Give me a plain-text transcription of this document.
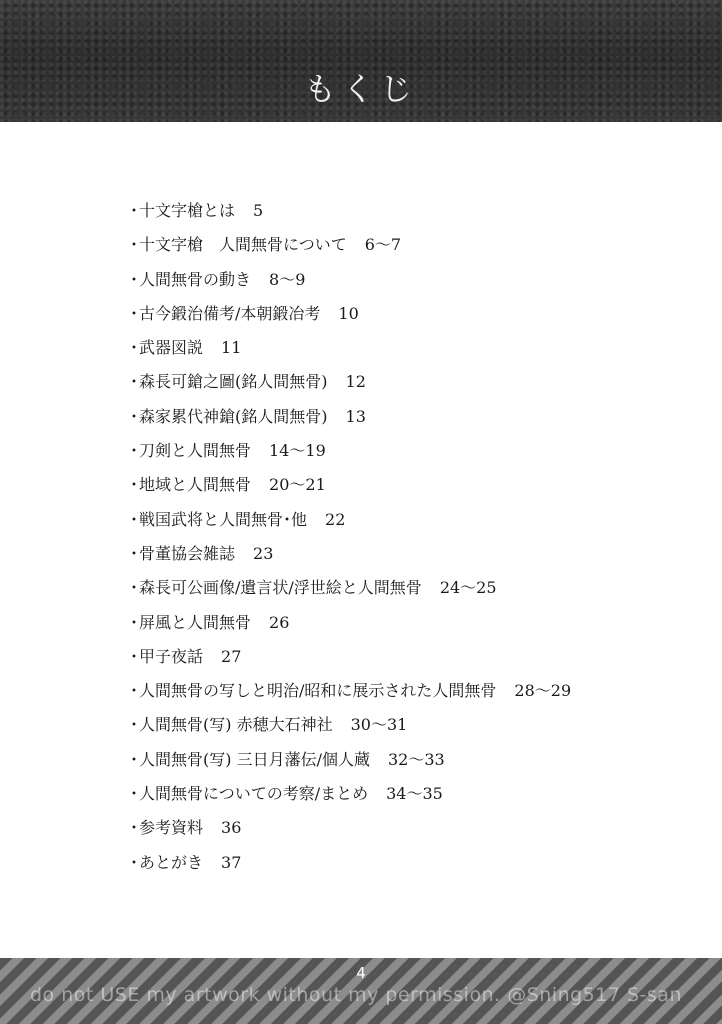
もくじ
･十文字槍とは 5
･十文字槍　人間無骨について 6〜7
･人間無骨の動き 8〜9
･古今鍛治備考/本朝鍛冶考 10
･武器図説 11
･森長可鎗之圖(銘人間無骨) 12
･森家累代神鎗(銘人間無骨) 13
･刀剣と人間無骨 14〜19
･地域と人間無骨 20〜21
･戦国武将と人間無骨･他 22
･骨董協会雑誌 23
･森長可公画像/遺言状/浮世絵と人間無骨 24〜25
･屏風と人間無骨 26
･甲子夜話 27
･人間無骨の写しと明治/昭和に展示された人間無骨 28〜29
･人間無骨(写) 赤穂大石神社 30〜31
･人間無骨(写) 三日月藩伝/個人蔵 32〜33
･人間無骨についての考察/まとめ 34〜35
･参考資料 36
･あとがき 37
4
do not USE my artwork without my permission. @Sning517 S-san
